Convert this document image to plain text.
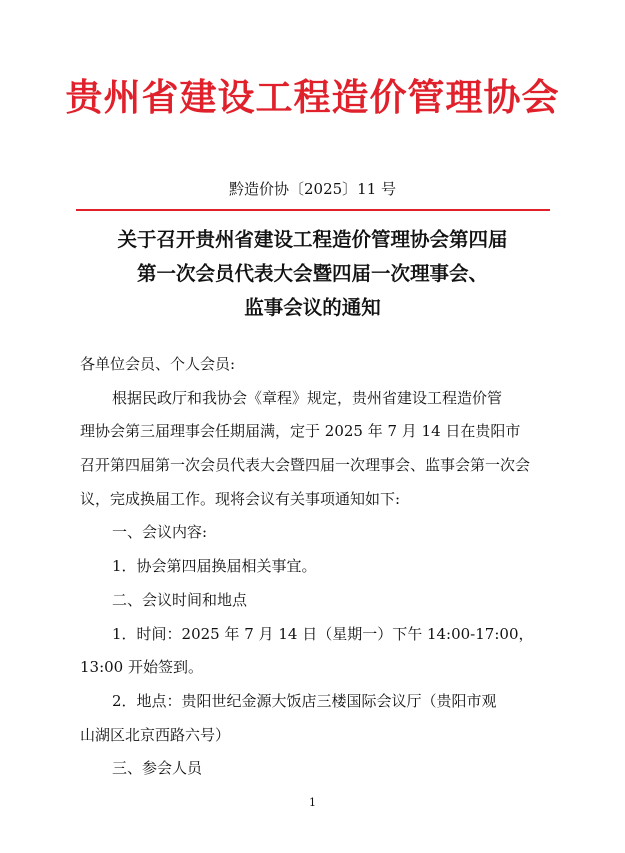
贵州省建设工程造价管理协会
黔造价协〔2025〕11 号
关于召开贵州省建设工程造价管理协会第四届
第一次会员代表大会暨四届一次理事会、
监事会议的通知
各单位会员、个人会员:
根据民政厅和我协会《章程》规定，贵州省建设工程造价管
理协会第三届理事会任期届满，定于 2025 年 7 月 14 日在贵阳市
召开第四届第一次会员代表大会暨四届一次理事会、监事会第一次会
议，完成换届工作。现将会议有关事项通知如下:
一、会议内容:
1．协会第四届换届相关事宜。
二、会议时间和地点
1．时间：2025 年 7 月 14 日（星期一）下午 14:00-17:00，
13:00 开始签到。
2．地点：贵阳世纪金源大饭店三楼国际会议厅（贵阳市观
山湖区北京西路六号）
三、参会人员
1
